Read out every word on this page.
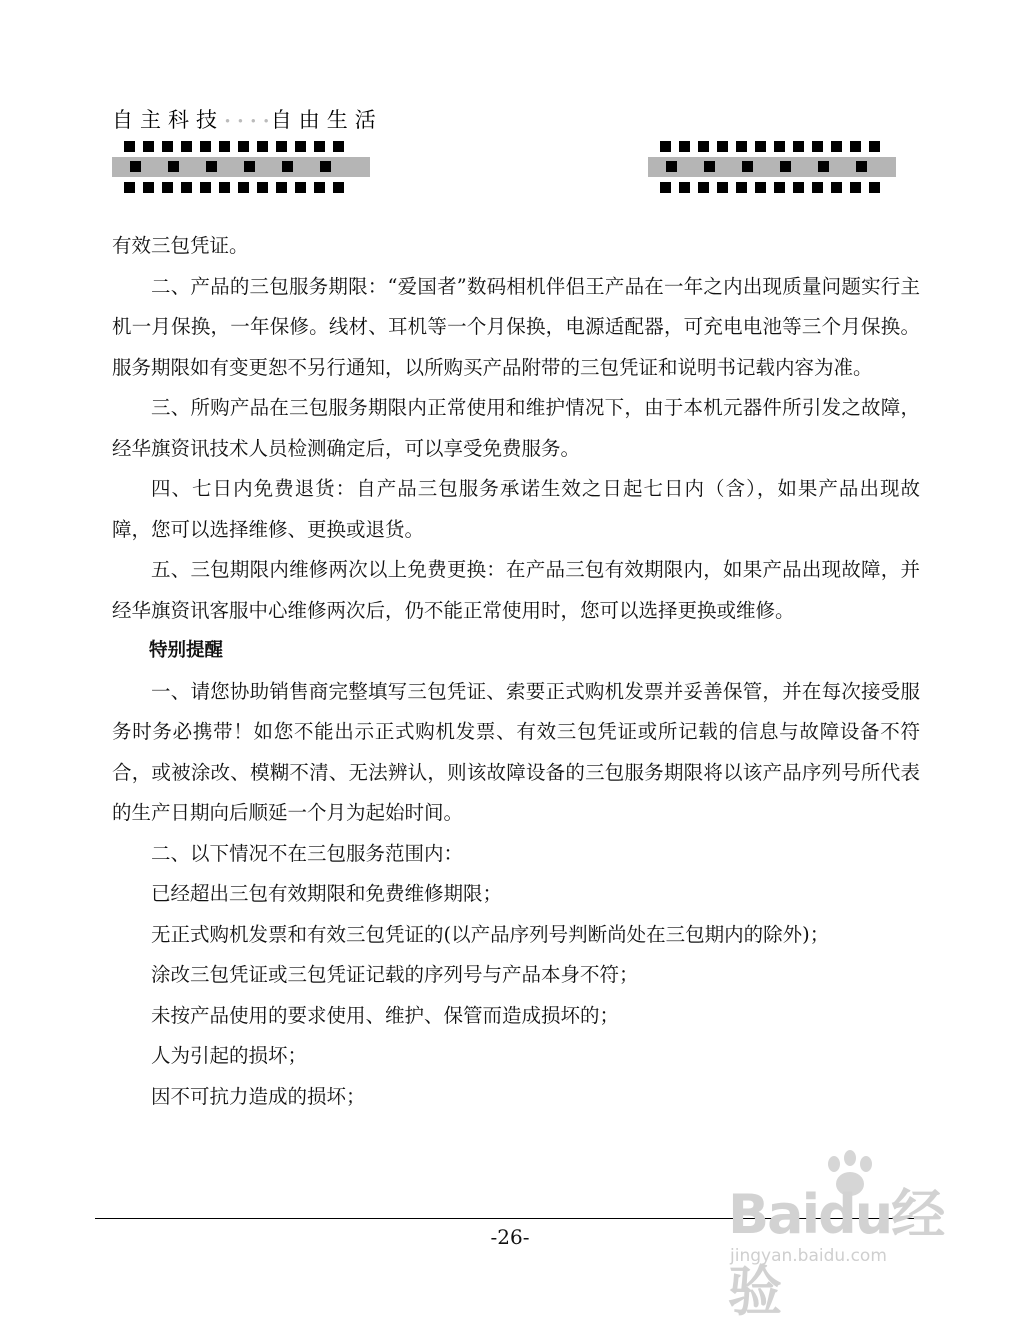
自主科技• • • •自由生活

有效三包凭证。

二、产品的三包服务期限：“爱国者”数码相机伴侣王产品在一年之内出现质量问题实行主机一月保换，一年保修。线材、耳机等一个月保换，电源适配器，可充电电池等三个月保换。服务期限如有变更恕不另行通知，以所购买产品附带的三包凭证和说明书记载内容为准。

三、所购产品在三包服务期限内正常使用和维护情况下，由于本机元器件所引发之故障，经华旗资讯技术人员检测确定后，可以享受免费服务。

四、七日内免费退货：自产品三包服务承诺生效之日起七日内（含），如果产品出现故障，您可以选择维修、更换或退货。

五、三包期限内维修两次以上免费更换：在产品三包有效期限内，如果产品出现故障，并经华旗资讯客服中心维修两次后，仍不能正常使用时，您可以选择更换或维修。

特别提醒

一、请您协助销售商完整填写三包凭证、索要正式购机发票并妥善保管，并在每次接受服务时务必携带！如您不能出示正式购机发票、有效三包凭证或所记载的信息与故障设备不符合，或被涂改、模糊不清、无法辨认，则该故障设备的三包服务期限将以该产品序列号所代表的生产日期向后顺延一个月为起始时间。

二、以下情况不在三包服务范围内：

已经超出三包有效期限和免费维修期限；

无正式购机发票和有效三包凭证的(以产品序列号判断尚处在三包期内的除外)；

涂改三包凭证或三包凭证记载的序列号与产品本身不符；

未按产品使用的要求使用、维护、保管而造成损坏的；

人为引起的损坏；

因不可抗力造成的损坏；

-26-	Baidu经验
jingyan.baidu.com
